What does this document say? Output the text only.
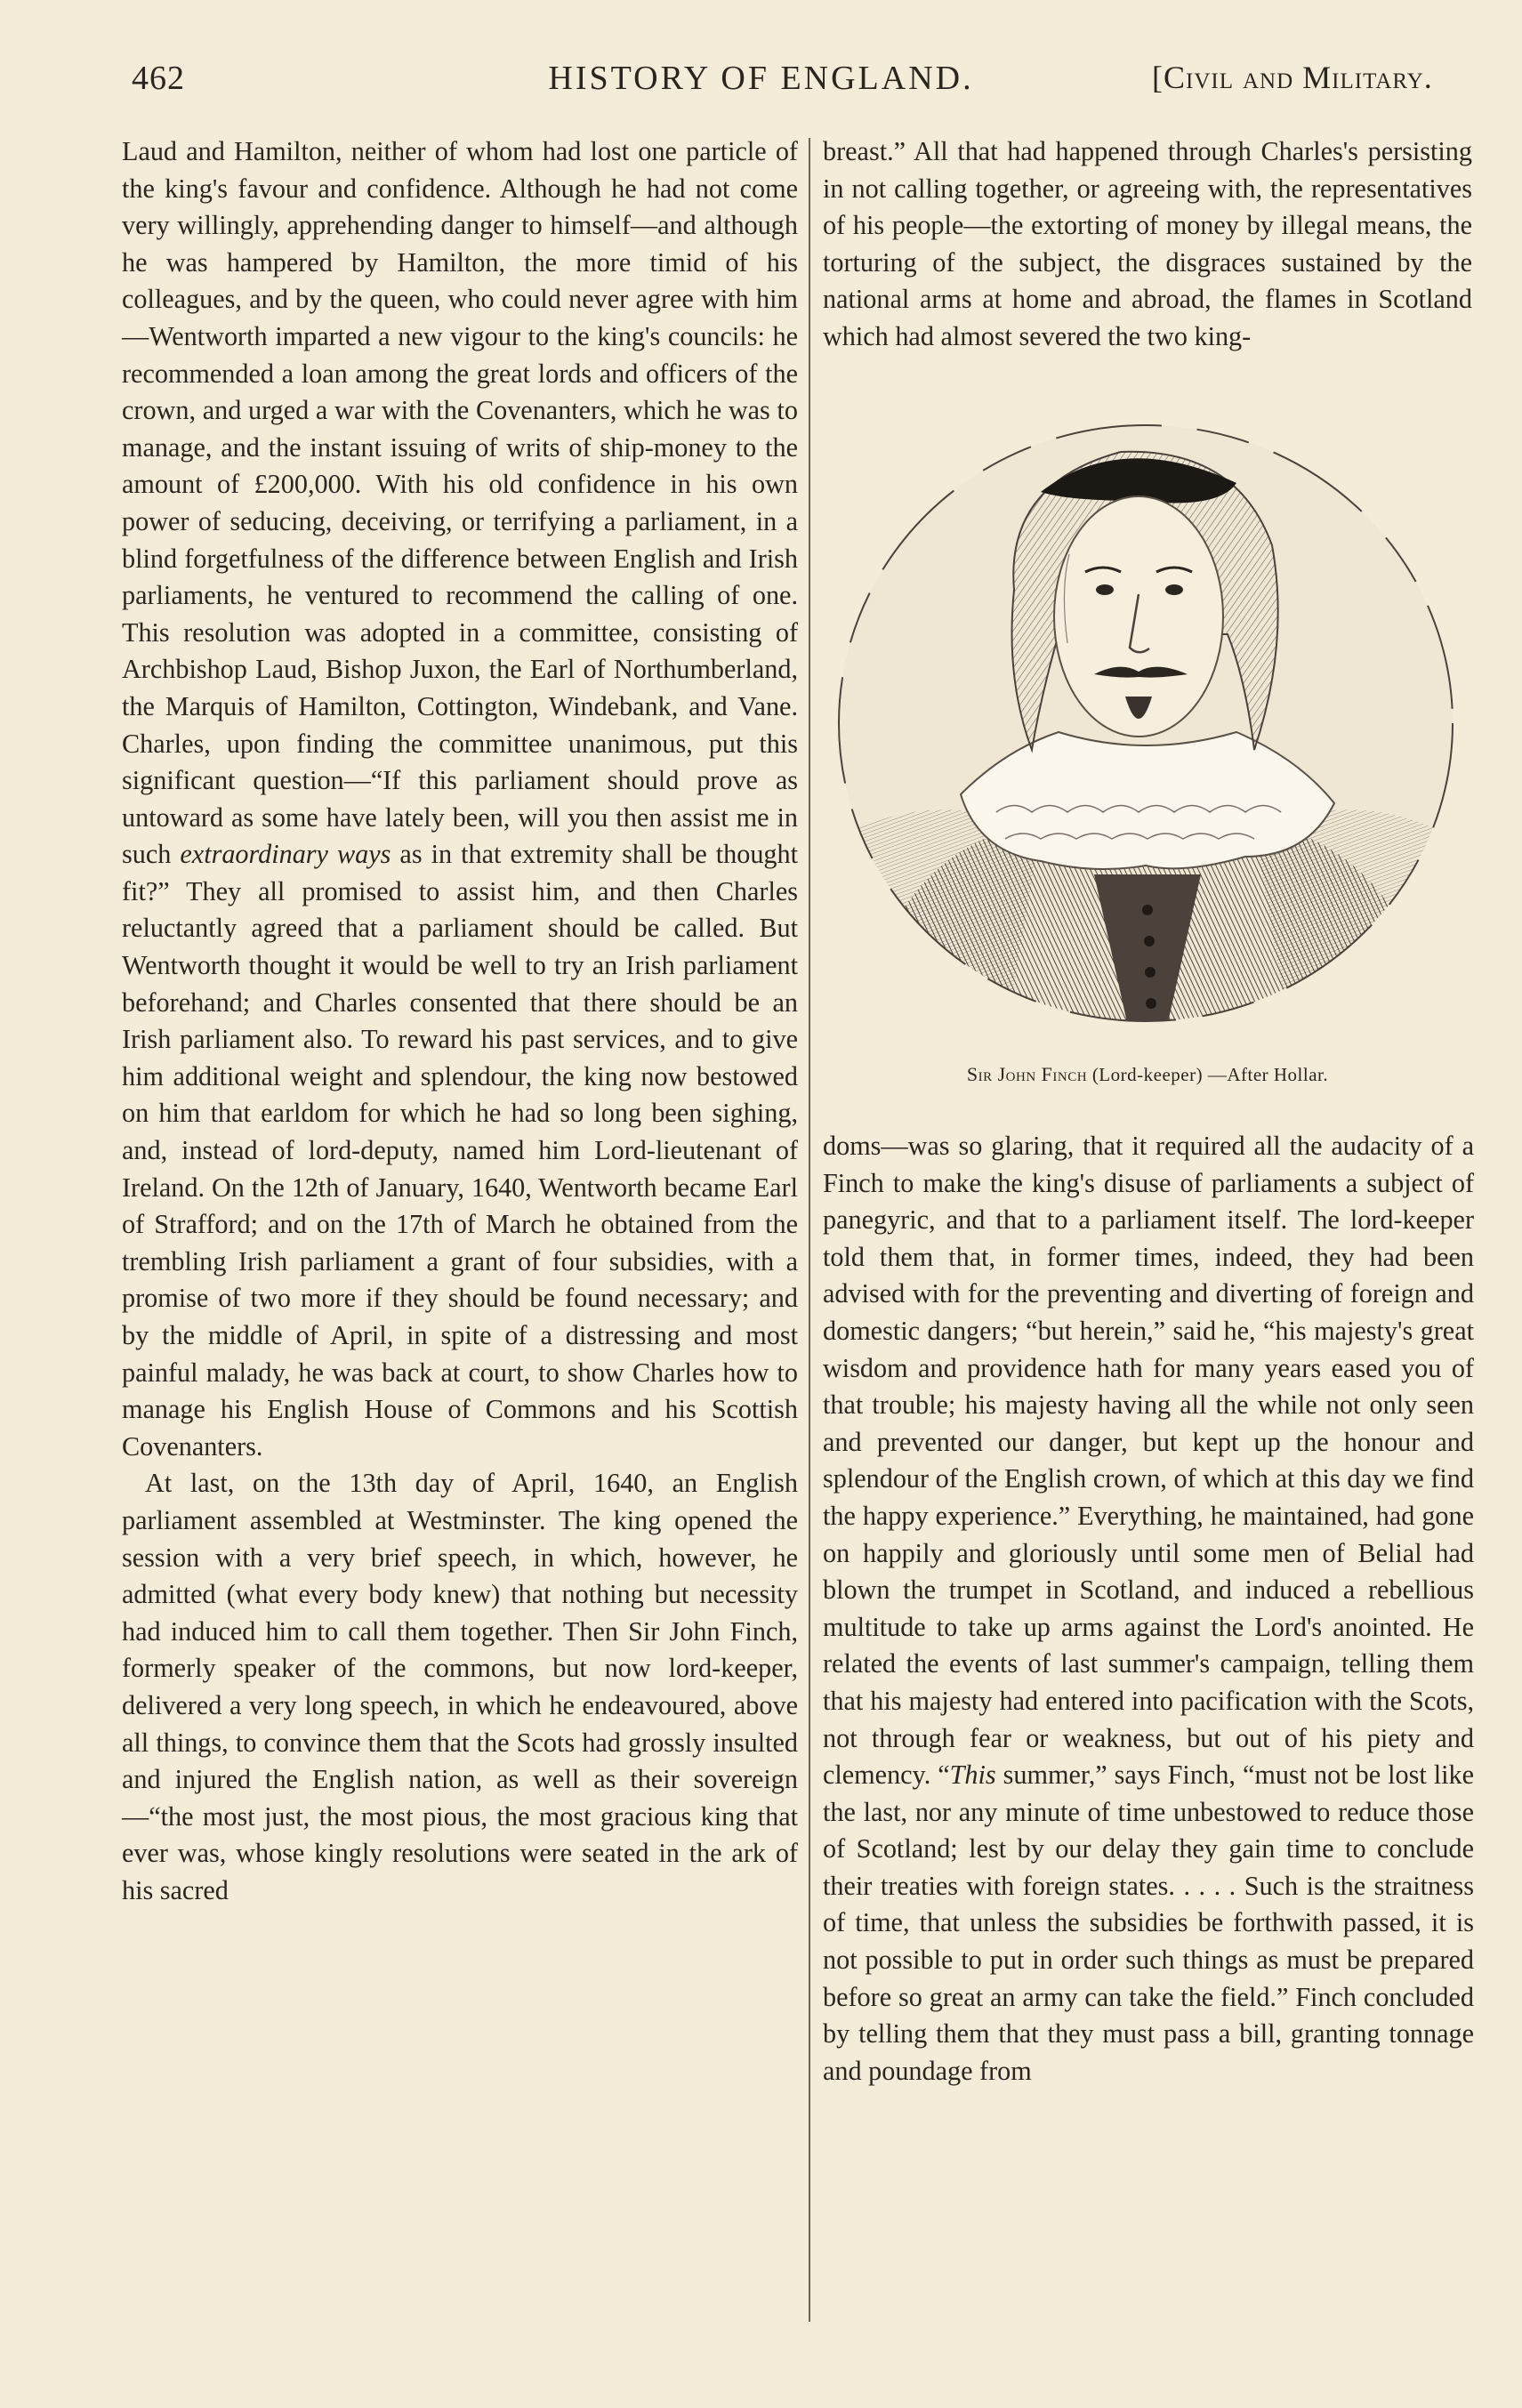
462	HISTORY OF ENGLAND.	[Civil and Military.

Laud and Hamilton, neither of whom had lost one particle of the king's favour and confidence. Although he had not come very willingly, apprehending danger to himself—and although he was hampered by Hamilton, the more timid of his colleagues, and by the queen, who could never agree with him—Wentworth imparted a new vigour to the king's councils: he recommended a loan among the great lords and officers of the crown, and urged a war with the Covenanters, which he was to manage, and the instant issuing of writs of ship-money to the amount of £200,000. With his old confidence in his own power of seducing, deceiving, or terrifying a parliament, in a blind forgetfulness of the difference between English and Irish parliaments, he ventured to recommend the calling of one. This resolution was adopted in a committee, consisting of Archbishop Laud, Bishop Juxon, the Earl of Northumberland, the Marquis of Hamilton, Cottington, Windebank, and Vane. Charles, upon finding the committee unanimous, put this significant question—“If this parliament should prove as untoward as some have lately been, will you then assist me in such extraordinary ways as in that extremity shall be thought fit?” They all promised to assist him, and then Charles reluctantly agreed that a parliament should be called. But Wentworth thought it would be well to try an Irish parliament beforehand; and Charles consented that there should be an Irish parliament also. To reward his past services, and to give him additional weight and splendour, the king now bestowed on him that earldom for which he had so long been sighing, and, instead of lord-deputy, named him Lord-lieutenant of Ireland. On the 12th of January, 1640, Wentworth became Earl of Strafford; and on the 17th of March he obtained from the trembling Irish parliament a grant of four subsidies, with a promise of two more if they should be found necessary; and by the middle of April, in spite of a distressing and most painful malady, he was back at court, to show Charles how to manage his English House of Commons and his Scottish Covenanters.

At last, on the 13th day of April, 1640, an English parliament assembled at Westminster. The king opened the session with a very brief speech, in which, however, he admitted (what every body knew) that nothing but necessity had induced him to call them together. Then Sir John Finch, formerly speaker of the commons, but now lord-keeper, delivered a very long speech, in which he endeavoured, above all things, to convince them that the Scots had grossly insulted and injured the English nation, as well as their sovereign—“the most just, the most pious, the most gracious king that ever was, whose kingly resolutions were seated in the ark of his sacred

breast.” All that had happened through Charles's persisting in not calling together, or agreeing with, the representatives of his people—the extorting of money by illegal means, the torturing of the subject, the disgraces sustained by the national arms at home and abroad, the flames in Scotland which had almost severed the two king-

Sir John Finch (Lord-keeper) —After Hollar.

doms—was so glaring, that it required all the audacity of a Finch to make the king's disuse of parliaments a subject of panegyric, and that to a parliament itself. The lord-keeper told them that, in former times, indeed, they had been advised with for the preventing and diverting of foreign and domestic dangers; “but herein,” said he, “his majesty's great wisdom and providence hath for many years eased you of that trouble; his majesty having all the while not only seen and prevented our danger, but kept up the honour and splendour of the English crown, of which at this day we find the happy experience.” Everything, he maintained, had gone on happily and gloriously until some men of Belial had blown the trumpet in Scotland, and induced a rebellious multitude to take up arms against the Lord's anointed. He related the events of last summer's campaign, telling them that his majesty had entered into pacification with the Scots, not through fear or weakness, but out of his piety and clemency. “This summer,” says Finch, “must not be lost like the last, nor any minute of time unbestowed to reduce those of Scotland; lest by our delay they gain time to conclude their treaties with foreign states. . . . . Such is the straitness of time, that unless the subsidies be forthwith passed, it is not possible to put in order such things as must be prepared before so great an army can take the field.” Finch concluded by telling them that they must pass a bill, granting tonnage and poundage from
